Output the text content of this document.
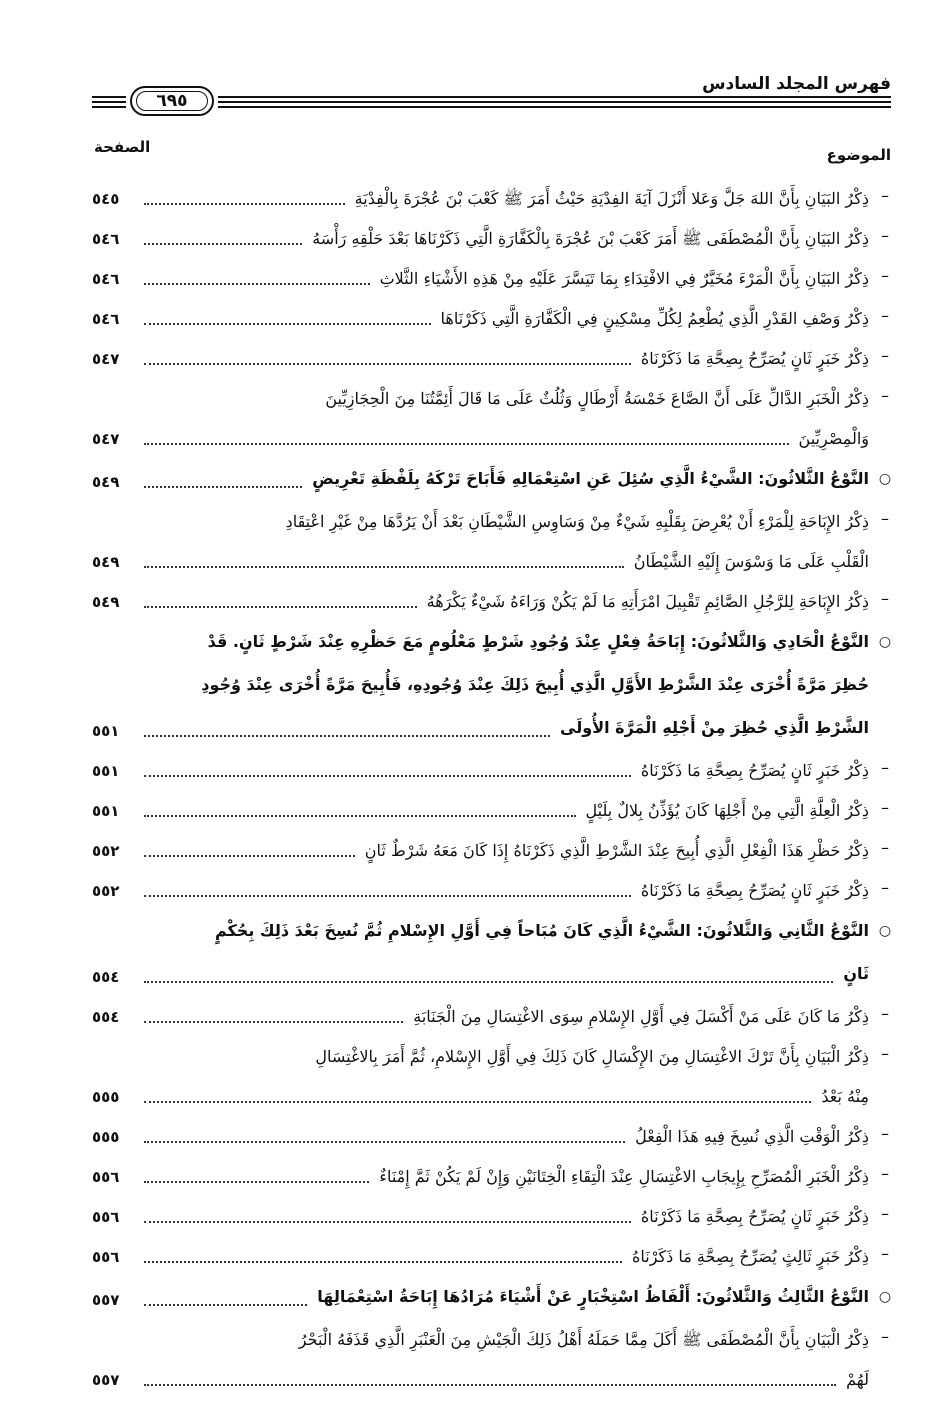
فهرس المجلد السادس
٦٩٥
الموضوع
الصفحة
–
ذِكْرُ البَيَانِ بِأَنَّ اللهَ جَلَّ وَعَلا أَنْزَلَ آيَةَ الفِدْيَةِ حَيْثُ أَمَرَ ﷺ كَعْبَ بْنَ عُجْرَةَ بِالْفِدْيَةِ
٥٤٥
–
ذِكْرُ البَيَانِ بِأَنَّ الْمُصْطَفَى ﷺ أَمَرَ كَعْبَ بْنَ عُجْرَةَ بِالْكَفَّارَةِ الَّتِي ذَكَرْنَاهَا بَعْدَ حَلْقِهِ رَأْسَهُ
٥٤٦
–
ذِكْرُ البَيَانِ بِأَنَّ الْمَرْءَ مُخَيَّرٌ فِي الافْتِدَاءِ بِمَا تَيَسَّرَ عَلَيْهِ مِنْ هَذِهِ الأَشْيَاءِ الثَّلاثِ
٥٤٦
–
ذِكْرُ وَصْفِ القَدْرِ الَّذِي يُطْعِمُ لِكُلِّ مِسْكِينٍ فِي الْكَفَّارَةِ الَّتِي ذَكَرْنَاهَا
٥٤٦
–
ذِكْرُ خَبَرٍ ثَانٍ يُصَرِّحُ بِصِحَّةِ مَا ذَكَرْنَاهُ
٥٤٧
–
ذِكْرُ الْخَبَرِ الدَّالِّ عَلَى أَنَّ الصَّاعَ خَمْسَةُ أَرْطَالٍ وَثُلُثٌ عَلَى مَا قَالَ أَئِمَّتُنَا مِنَ الْحِجَازِيِّينَ
وَالْمِصْرِيِّينَ
٥٤٧
○
النَّوْعُ الثَّلاثُونَ: الشَّيْءُ الَّذِي سُئِلَ عَنِ اسْتِعْمَالِهِ فَأَبَاحَ تَرْكَهُ بِلَفْظَةِ تَعْرِيضٍ
٥٤٩
–
ذِكْرُ الإِبَاحَةِ لِلْمَرْءِ أَنْ يُعْرِضَ بِقَلْبِهِ شَيْءٌ مِنْ وَسَاوِسِ الشَّيْطَانِ بَعْدَ أَنْ يَرُدَّهَا مِنْ غَيْرِ اعْتِقَادِ
الْقَلْبِ عَلَى مَا وَسْوَسَ إِلَيْهِ الشَّيْطَانُ
٥٤٩
–
ذِكْرُ الإِبَاحَةِ لِلرَّجُلِ الصَّائِمِ تَقْبِيلَ امْرَأَتِهِ مَا لَمْ يَكُنْ وَرَاءَهُ شَيْءٌ يَكْرَهُهُ
٥٤٩
○
النَّوْعُ الْحَادِي وَالثَّلاثُونَ: إِبَاحَةُ فِعْلٍ عِنْدَ وُجُودِ شَرْطٍ مَعْلُومٍ مَعَ حَظْرِهِ عِنْدَ شَرْطٍ ثَانٍ. قَدْ
حُظِرَ مَرَّةً أُخْرَى عِنْدَ الشَّرْطِ الأَوَّلِ الَّذِي أُبِيحَ ذَلِكَ عِنْدَ وُجُودِهِ، فَأُبِيحَ مَرَّةً أُخْرَى عِنْدَ وُجُودِ
الشَّرْطِ الَّذِي حُظِرَ مِنْ أَجْلِهِ الْمَرَّةَ الأُولَى
٥٥١
–
ذِكْرُ خَبَرٍ ثَانٍ يُصَرِّحُ بِصِحَّةِ مَا ذَكَرْنَاهُ
٥٥١
–
ذِكْرُ الْعِلَّةِ الَّتِي مِنْ أَجْلِهَا كَانَ يُؤَذِّنُ بِلالٌ بِلَيْلٍ
٥٥١
–
ذِكْرُ حَظْرِ هَذَا الْفِعْلِ الَّذِي أُبِيحَ عِنْدَ الشَّرْطِ الَّذِي ذَكَرْنَاهُ إِذَا كَانَ مَعَهُ شَرْطٌ ثَانٍ
٥٥٢
–
ذِكْرُ خَبَرٍ ثَانٍ يُصَرِّحُ بِصِحَّةِ مَا ذَكَرْنَاهُ
٥٥٢
○
النَّوْعُ الثَّانِي وَالثَّلاثُونَ: الشَّيْءُ الَّذِي كَانَ مُبَاحاً فِي أَوَّلِ الإِسْلامِ ثُمَّ نُسِخَ بَعْدَ ذَلِكَ بِحُكْمٍ
ثَانٍ
٥٥٤
–
ذِكْرُ مَا كَانَ عَلَى مَنْ أَكْسَلَ فِي أَوَّلِ الإِسْلامِ سِوَى الاغْتِسَالِ مِنَ الْجَنَابَةِ
٥٥٤
–
ذِكْرُ الْبَيَانِ بِأَنَّ تَرْكَ الاغْتِسَالِ مِنَ الإِكْسَالِ كَانَ ذَلِكَ فِي أَوَّلِ الإِسْلامِ، ثُمَّ أَمَرَ بِالاغْتِسَالِ
مِنْهُ بَعْدُ
٥٥٥
–
ذِكْرُ الْوَقْتِ الَّذِي نُسِخَ فِيهِ هَذَا الْفِعْلُ
٥٥٥
–
ذِكْرُ الْخَبَرِ الْمُصَرِّحِ بِإِيجَابِ الاغْتِسَالِ عِنْدَ الْتِقَاءِ الْخِتَانَيْنِ وَإِنْ لَمْ يَكُنْ ثَمَّ إِمْنَاءٌ
٥٥٦
–
ذِكْرُ خَبَرٍ ثَانٍ يُصَرِّحُ بِصِحَّةِ مَا ذَكَرْنَاهُ
٥٥٦
–
ذِكْرُ خَبَرٍ ثَالِثٍ يُصَرِّحُ بِصِحَّةِ مَا ذَكَرْنَاهُ
٥٥٦
○
النَّوْعُ الثَّالِثُ وَالثَّلاثُونَ: أَلْفَاظُ اسْتِخْبَارٍ عَنْ أَشْيَاءَ مُرَادُهَا إِبَاحَةُ اسْتِعْمَالِهَا
٥٥٧
–
ذِكْرُ الْبَيَانِ بِأَنَّ الْمُصْطَفَى ﷺ أَكَلَ مِمَّا حَمَلَهُ أَهْلُ ذَلِكَ الْجَيْشِ مِنَ الْعَنْبَرِ الَّذِي قَذَفَهُ الْبَحْرُ
لَهُمْ
٥٥٧
